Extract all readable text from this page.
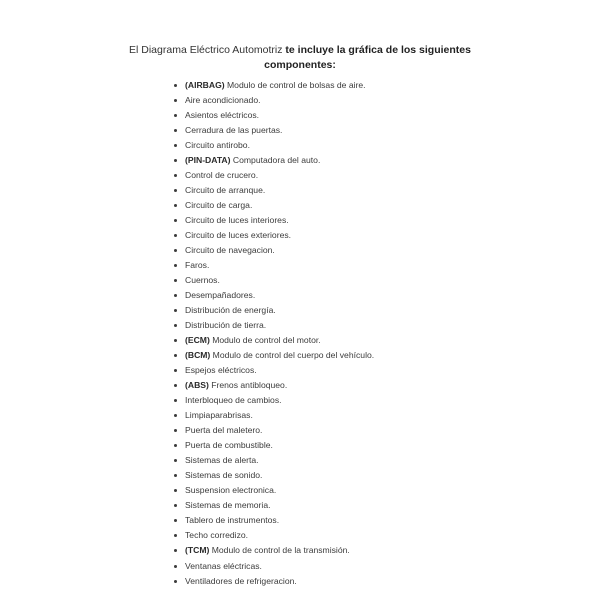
El Diagrama Eléctrico Automotriz te incluye la gráfica de los siguientes componentes:
(AIRBAG) Modulo de control de bolsas de aire.
Aire acondicionado.
Asientos eléctricos.
Cerradura de las puertas.
Circuito antirobo.
(PIN-DATA) Computadora del auto.
Control de crucero.
Circuito de arranque.
Circuito de carga.
Circuito de luces interiores.
Circuito de luces exteriores.
Circuito de navegacion.
Faros.
Cuernos.
Desempañadores.
Distribución de energía.
Distribución de tierra.
(ECM) Modulo de control del motor.
(BCM) Modulo de control del cuerpo del vehículo.
Espejos eléctricos.
(ABS) Frenos antibloqueo.
Interbloqueo de cambios.
Limpiaparabrisas.
Puerta del maletero.
Puerta de combustible.
Sistemas de alerta.
Sistemas de sonido.
Suspension electronica.
Sistemas de memoria.
Tablero de instrumentos.
Techo corredizo.
(TCM) Modulo de control de la transmisión.
Ventanas eléctricas.
Ventiladores de refrigeracion.
